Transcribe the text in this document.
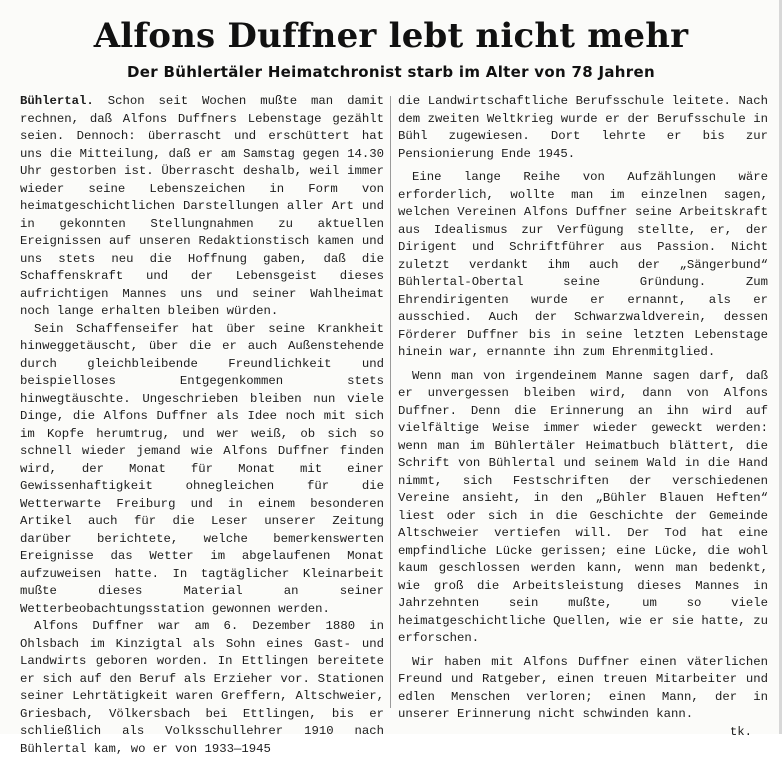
Alfons Duffner lebt nicht mehr
Der Bühlertäler Heimatchronist starb im Alter von 78 Jahren

Bühlertal. Schon seit Wochen mußte man damit rechnen, daß Alfons Duffners Lebenstage gezählt seien. Dennoch: überrascht und erschüttert hat uns die Mitteilung, daß er am Samstag gegen 14.30 Uhr gestorben ist. Überrascht deshalb, weil immer wieder seine Lebenszeichen in Form von heimatgeschichtlichen Darstellungen aller Art und in gekonnten Stellungnahmen zu aktuellen Ereignissen auf unseren Redaktionstisch kamen und uns stets neu die Hoffnung gaben, daß die Schaffenskraft und der Lebensgeist dieses aufrichtigen Mannes uns und seiner Wahlheimat noch lange erhalten bleiben würden.

Sein Schaffenseifer hat über seine Krankheit hinweggetäuscht, über die er auch Außenstehende durch gleichbleibende Freundlichkeit und beispielloses Entgegenkommen stets hinwegtäuschte. Ungeschrieben bleiben nun viele Dinge, die Alfons Duffner als Idee noch mit sich im Kopfe herumtrug, und wer weiß, ob sich so schnell wieder jemand wie Alfons Duffner finden wird, der Monat für Monat mit einer Gewissenhaftigkeit ohnegleichen für die Wetterwarte Freiburg und in einem besonderen Artikel auch für die Leser unserer Zeitung darüber berichtete, welche bemerkenswerten Ereignisse das Wetter im abgelaufenen Monat aufzuweisen hatte. In tagtäglicher Kleinarbeit mußte dieses Material an seiner Wetterbeobachtungsstation gewonnen werden.

Alfons Duffner war am 6. Dezember 1880 in Ohlsbach im Kinzigtal als Sohn eines Gast- und Landwirts geboren worden. In Ettlingen bereitete er sich auf den Beruf als Erzieher vor. Stationen seiner Lehrtätigkeit waren Greffern, Altschweier, Griesbach, Völkersbach bei Ettlingen, bis er schließlich als Volksschullehrer 1910 nach Bühlertal kam, wo er von 1933—1945

die Landwirtschaftliche Berufsschule leitete. Nach dem zweiten Weltkrieg wurde er der Berufsschule in Bühl zugewiesen. Dort lehrte er bis zur Pensionierung Ende 1945.

Eine lange Reihe von Aufzählungen wäre erforderlich, wollte man im einzelnen sagen, welchen Vereinen Alfons Duffner seine Arbeitskraft aus Idealismus zur Verfügung stellte, er, der Dirigent und Schriftführer aus Passion. Nicht zuletzt verdankt ihm auch der „Sängerbund“ Bühlertal-Obertal seine Gründung. Zum Ehrendirigenten wurde er ernannt, als er ausschied. Auch der Schwarzwaldverein, dessen Förderer Duffner bis in seine letzten Lebenstage hinein war, ernannte ihn zum Ehrenmitglied.

Wenn man von irgendeinem Manne sagen darf, daß er unvergessen bleiben wird, dann von Alfons Duffner. Denn die Erinnerung an ihn wird auf vielfältige Weise immer wieder geweckt werden: wenn man im Bühlertäler Heimatbuch blättert, die Schrift von Bühlertal und seinem Wald in die Hand nimmt, sich Festschriften der verschiedenen Vereine ansieht, in den „Bühler Blauen Heften“ liest oder sich in die Geschichte der Gemeinde Altschweier vertiefen will. Der Tod hat eine empfindliche Lücke gerissen; eine Lücke, die wohl kaum geschlossen werden kann, wenn man bedenkt, wie groß die Arbeitsleistung dieses Mannes in Jahrzehnten sein mußte, um so viele heimatgeschichtliche Quellen, wie er sie hatte, zu erforschen.

Wir haben mit Alfons Duffner einen väterlichen Freund und Ratgeber, einen treuen Mitarbeiter und edlen Menschen verloren; einen Mann, der in unserer Erinnerung nicht schwinden kann.
tk.
